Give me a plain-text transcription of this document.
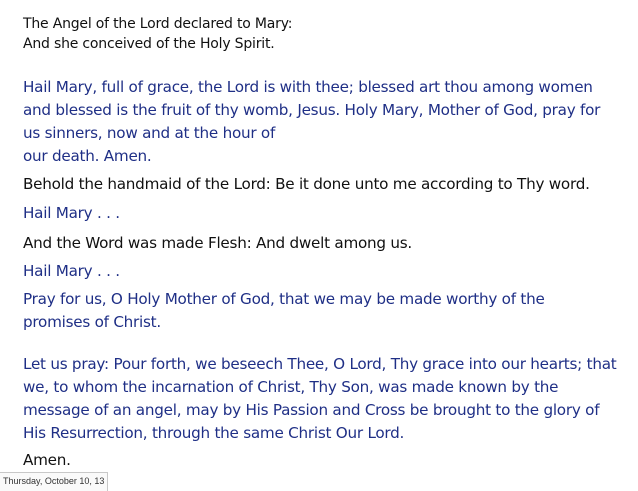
The Angel of the Lord declared to Mary:

And she conceived of the Holy Spirit.

Hail Mary, full of grace, the Lord is with thee; blessed art thou among women

and blessed is the fruit of thy womb, Jesus. Holy Mary, Mother of God, pray for

us sinners, now and at the hour of

our death. Amen.

Behold the handmaid of the Lord: Be it done unto me according to Thy word.

Hail Mary . . .

And the Word was made Flesh: And dwelt among us.

Hail Mary . . .

Pray for us, O Holy Mother of God, that we may be made worthy of the

promises of Christ.

Let us pray: Pour forth, we beseech Thee, O Lord, Thy grace into our hearts; that

we, to whom the incarnation of Christ, Thy Son, was made known by the

message of an angel, may by His Passion and Cross be brought to the glory of

His Resurrection, through the same Christ Our Lord.

Amen.

Thursday, October 10, 13
